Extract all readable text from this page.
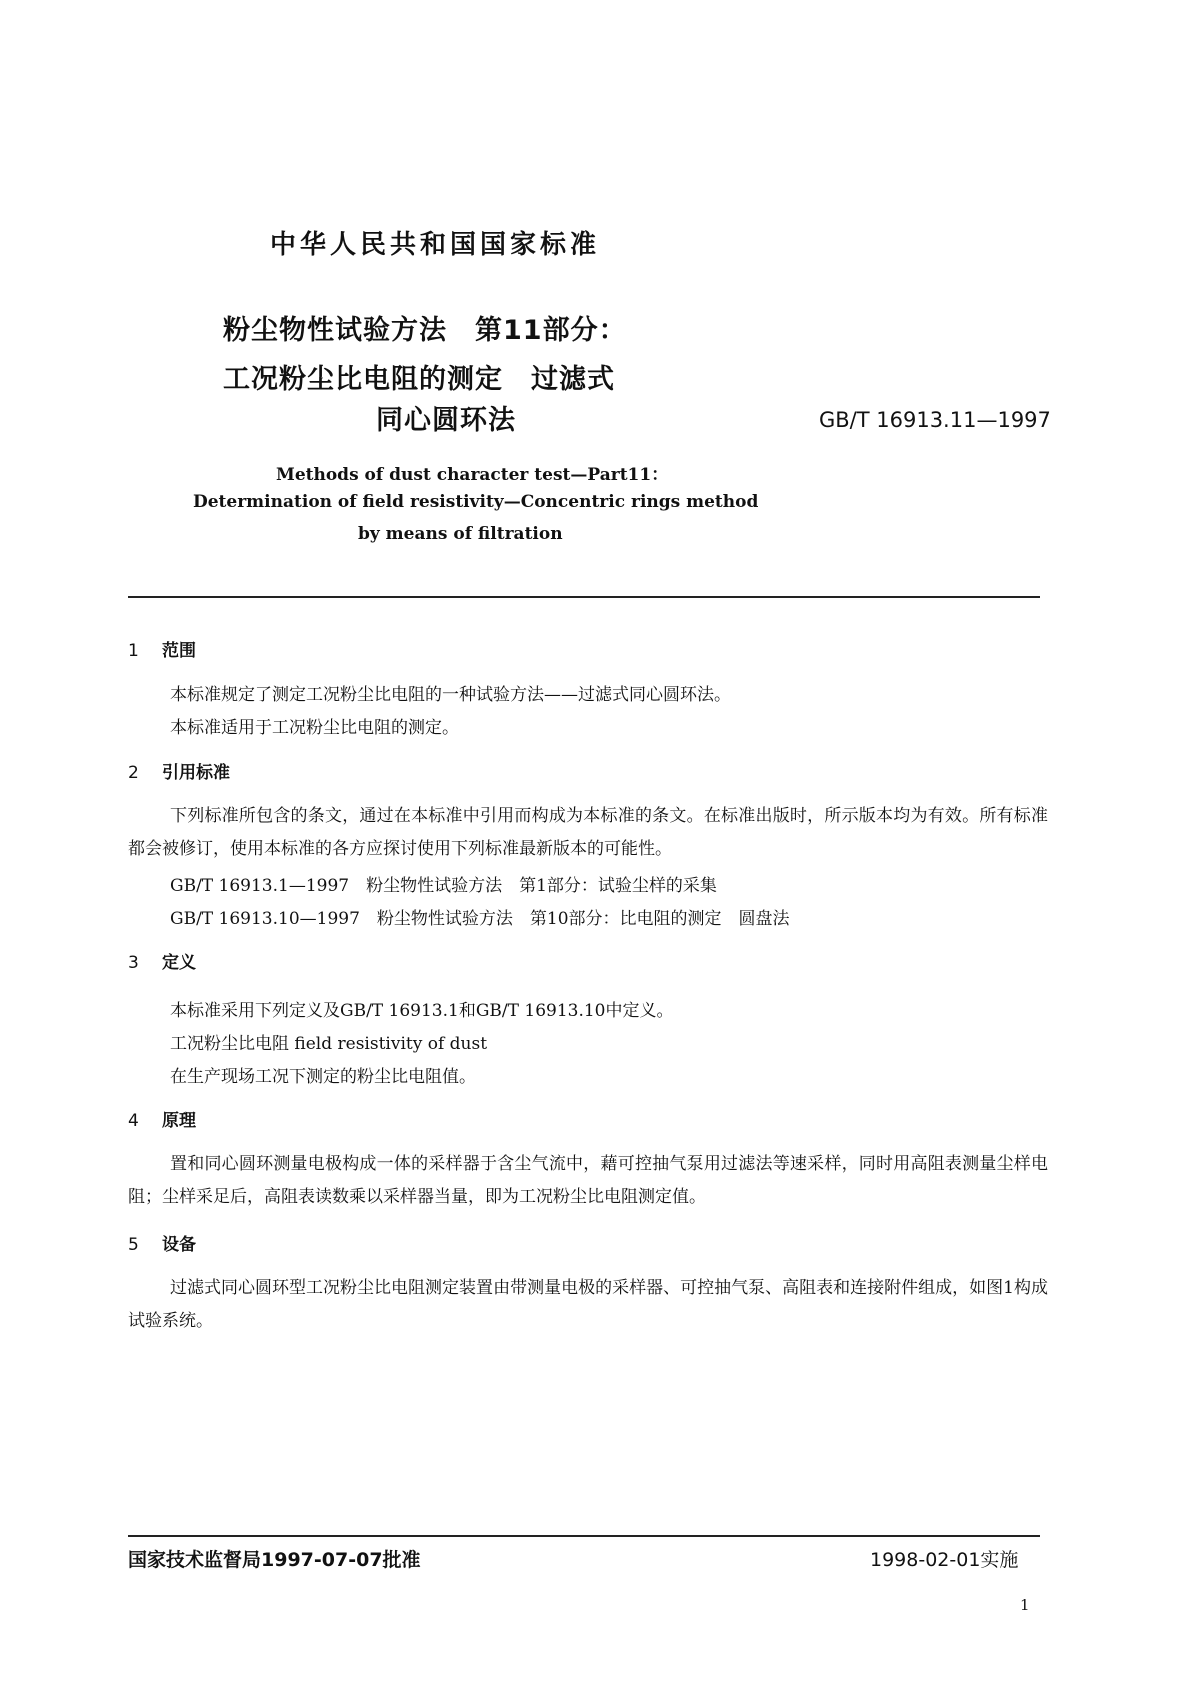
中华人民共和国国家标准
粉尘物性试验方法　第11部分：
工况粉尘比电阻的测定　过滤式
同心圆环法	GB/T 16913.11—1997
Methods of dust character test—Part11：
Determination of field resistivity—Concentric rings method
by means of filtration
1 范围
本标准规定了测定工况粉尘比电阻的一种试验方法——过滤式同心圆环法。
本标准适用于工况粉尘比电阻的测定。
2 引用标准
下列标准所包含的条文，通过在本标准中引用而构成为本标准的条文。在标准出版时，所示版本均为有效。所有标准都会被修订，使用本标准的各方应探讨使用下列标准最新版本的可能性。
GB/T 16913.1—1997　粉尘物性试验方法　第1部分：试验尘样的采集
GB/T 16913.10—1997　粉尘物性试验方法　第10部分：比电阻的测定　圆盘法
3 定义
本标准采用下列定义及GB/T 16913.1和GB/T 16913.10中定义。
工况粉尘比电阻 field resistivity of dust
在生产现场工况下测定的粉尘比电阻值。
4 原理
置和同心圆环测量电极构成一体的采样器于含尘气流中，藉可控抽气泵用过滤法等速采样，同时用高阻表测量尘样电阻；尘样采足后，高阻表读数乘以采样器当量，即为工况粉尘比电阻测定值。
5 设备
过滤式同心圆环型工况粉尘比电阻测定装置由带测量电极的采样器、可控抽气泵、高阻表和连接附件组成，如图1构成试验系统。
国家技术监督局1997-07-07批准	1998-02-01实施
1
